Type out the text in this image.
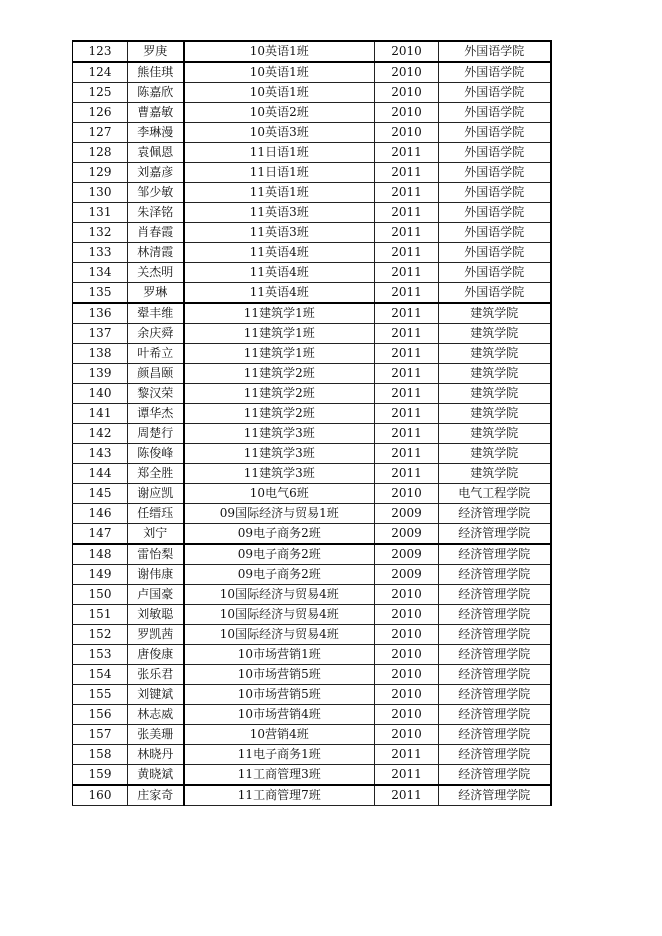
123	罗庚	10英语1班	2010	外国语学院
124	熊佳琪	10英语1班	2010	外国语学院
125	陈嘉欣	10英语1班	2010	外国语学院
126	曹嘉敏	10英语2班	2010	外国语学院
127	李琳漫	10英语3班	2010	外国语学院
128	袁佩恩	11日语1班	2011	外国语学院
129	刘嘉彦	11日语1班	2011	外国语学院
130	邹少敏	11英语1班	2011	外国语学院
131	朱泽铭	11英语3班	2011	外国语学院
132	肖春霞	11英语3班	2011	外国语学院
133	林清霞	11英语4班	2011	外国语学院
134	关杰明	11英语4班	2011	外国语学院
135	罗琳	11英语4班	2011	外国语学院
136	翚丰维	11建筑学1班	2011	建筑学院
137	余庆舜	11建筑学1班	2011	建筑学院
138	叶希立	11建筑学1班	2011	建筑学院
139	颜昌颐	11建筑学2班	2011	建筑学院
140	黎汉荣	11建筑学2班	2011	建筑学院
141	谭华杰	11建筑学2班	2011	建筑学院
142	周楚行	11建筑学3班	2011	建筑学院
143	陈俊峰	11建筑学3班	2011	建筑学院
144	郑全胜	11建筑学3班	2011	建筑学院
145	谢应凯	10电气6班	2010	电气工程学院
146	任缙珏	09国际经济与贸易1班	2009	经济管理学院
147	刘宁	09电子商务2班	2009	经济管理学院
148	雷怡梨	09电子商务2班	2009	经济管理学院
149	谢伟康	09电子商务2班	2009	经济管理学院
150	卢国豪	10国际经济与贸易4班	2010	经济管理学院
151	刘敏聪	10国际经济与贸易4班	2010	经济管理学院
152	罗凯茜	10国际经济与贸易4班	2010	经济管理学院
153	唐俊康	10市场营销1班	2010	经济管理学院
154	张乐君	10市场营销5班	2010	经济管理学院
155	刘键斌	10市场营销5班	2010	经济管理学院
156	林志威	10市场营销4班	2010	经济管理学院
157	张美珊	10营销4班	2010	经济管理学院
158	林晓丹	11电子商务1班	2011	经济管理学院
159	黄晓斌	11工商管理3班	2011	经济管理学院
160	庄家奇	11工商管理7班	2011	经济管理学院
